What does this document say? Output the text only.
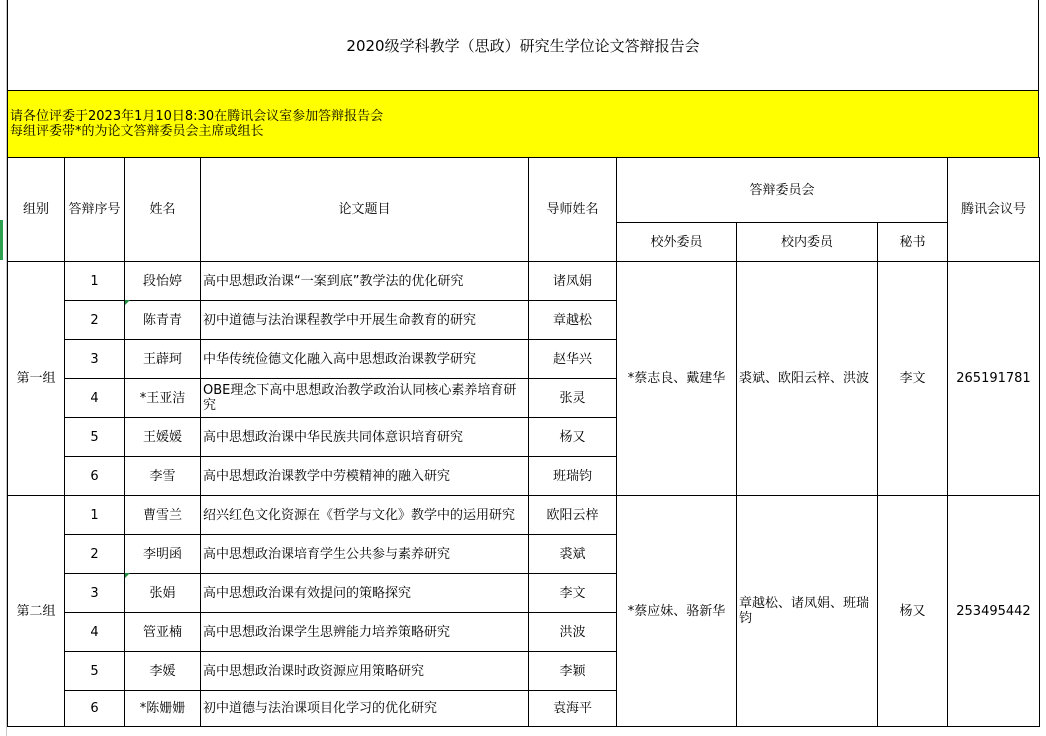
2020级学科教学（思政）研究生学位论文答辩报告会
请各位评委于2023年1月10日8:30在腾讯会议室参加答辩报告会
每组评委带*的为论文答辩委员会主席或组长
组别	答辩序号	姓名	论文题目	导师姓名	答辩委员会			腾讯会议号
					校外委员	校内委员	秘书	
第一组	1	段怡婷	高中思想政治课“一案到底”教学法的优化研究	诸凤娟	*蔡志良、戴建华	裘斌、欧阳云梓、洪波	李文	265191781
	2	陈青青	初中道德与法治课程教学中开展生命教育的研究	章越松				
	3	王薜珂	中华传统俭德文化融入高中思想政治课教学研究	赵华兴				
	4	*王亚洁	OBE理念下高中思想政治教学政治认同核心素养培育研究	张灵				
	5	王媛媛	高中思想政治课中华民族共同体意识培育研究	杨又				
	6	李雪	高中思想政治课教学中劳模精神的融入研究	班瑞钧				
第二组	1	曹雪兰	绍兴红色文化资源在《哲学与文化》教学中的运用研究	欧阳云梓	*蔡应妹、骆新华	章越松、诸凤娟、班瑞钧	杨又	253495442
	2	李明函	高中思想政治课培育学生公共参与素养研究	裘斌				
	3	张娟	高中思想政治课有效提问的策略探究	李文				
	4	管亚楠	高中思想政治课学生思辨能力培养策略研究	洪波				
	5	李媛	高中思想政治课时政资源应用策略研究	李颖				
	6	*陈姗姗	初中道德与法治课项目化学习的优化研究	袁海平				
